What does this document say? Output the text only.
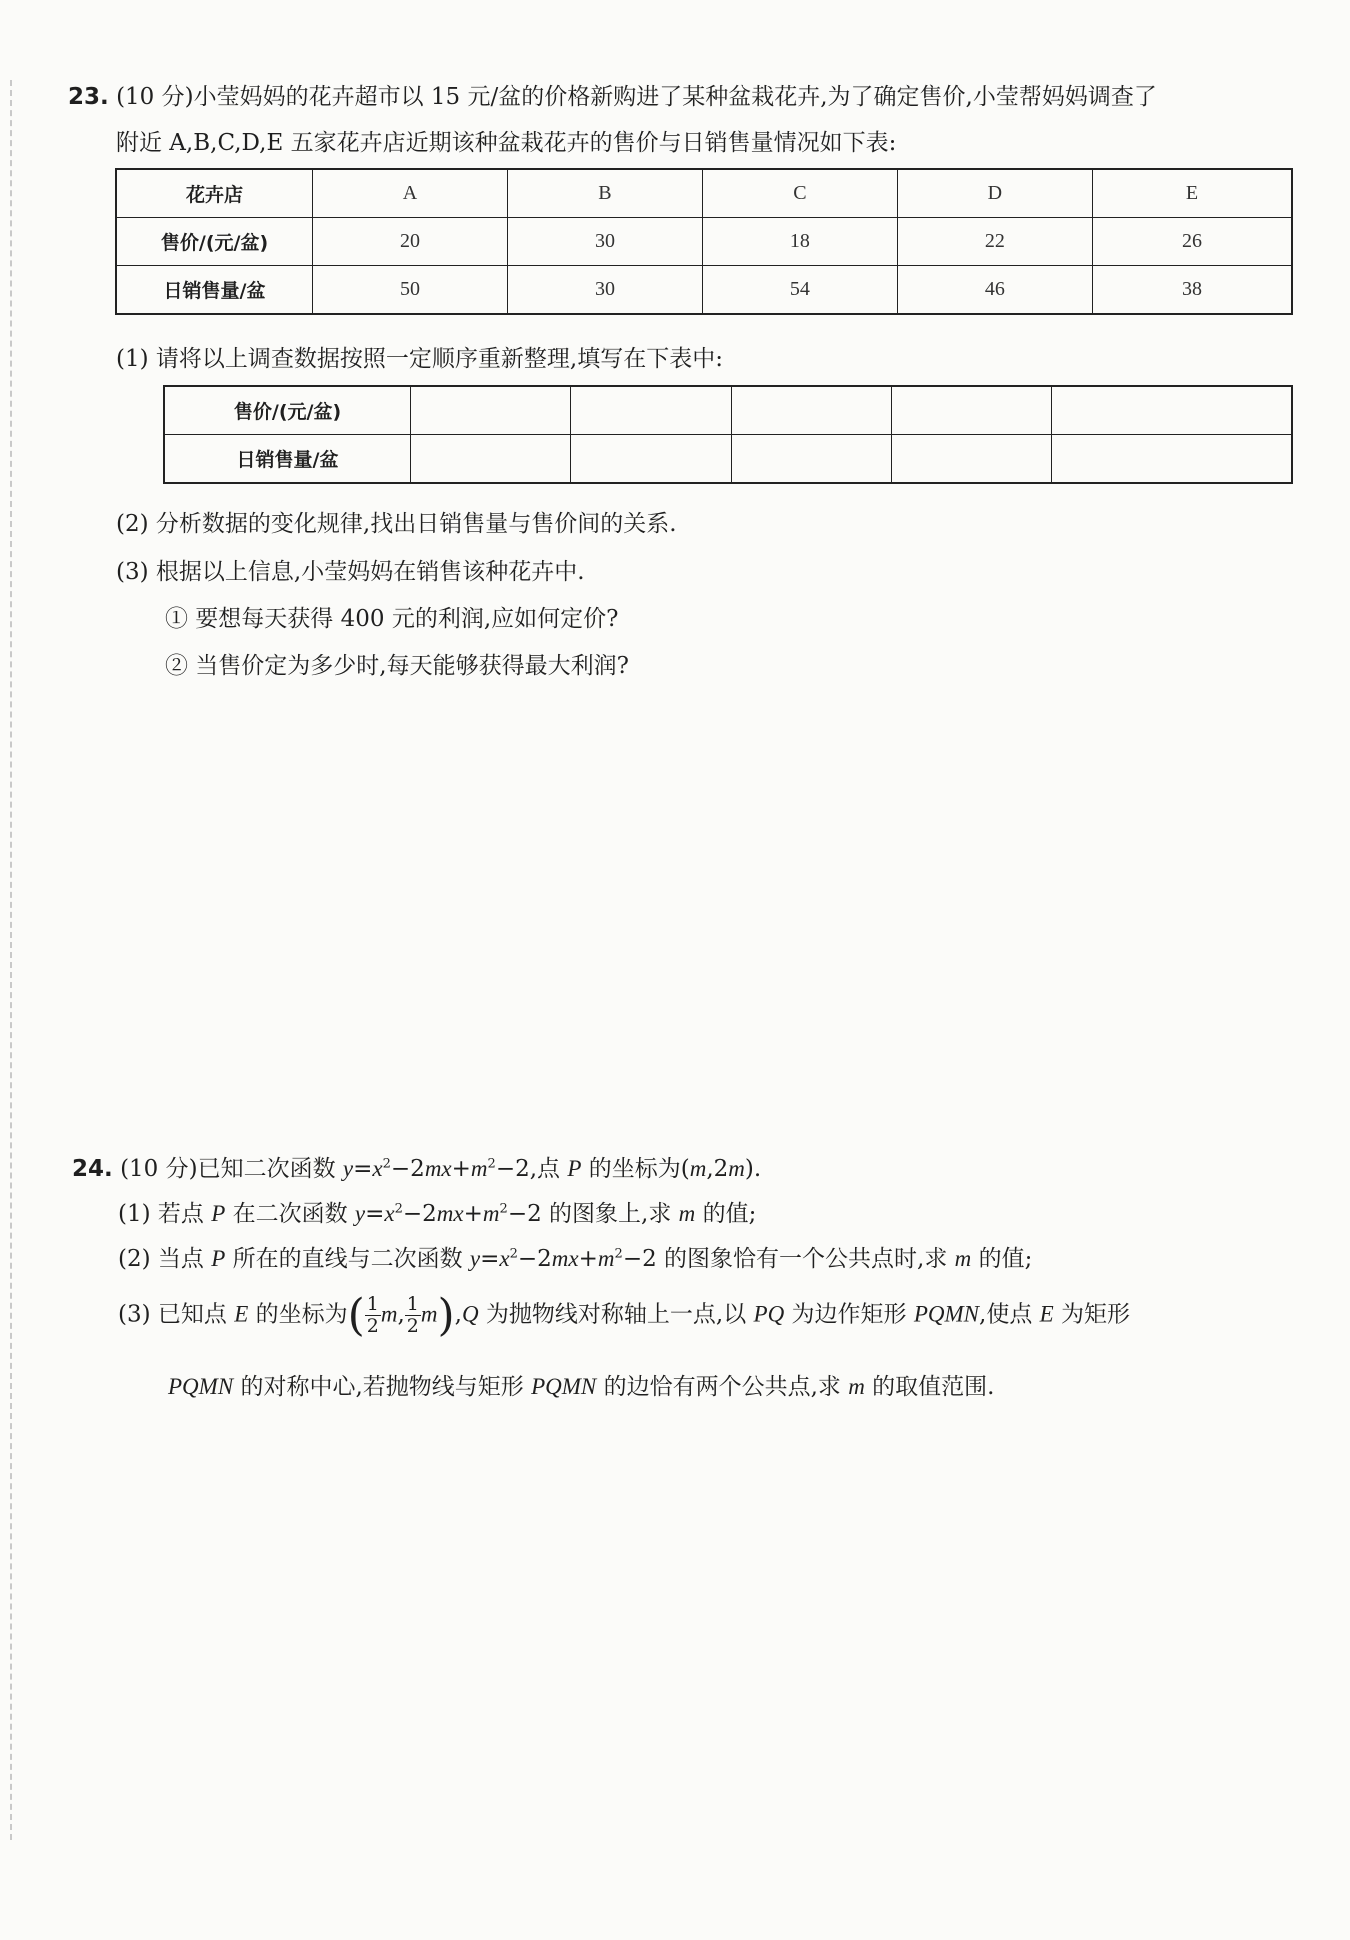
23. (10 分)小莹妈妈的花卉超市以 15 元/盆的价格新购进了某种盆栽花卉,为了确定售价,小莹帮妈妈调查了
附近 A,B,C,D,E 五家花卉店近期该种盆栽花卉的售价与日销售量情况如下表:
花卉店	A	B	C	D	E
售价/(元/盆)	20	30	18	22	26
日销售量/盆	50	30	54	46	38
(1) 请将以上调查数据按照一定顺序重新整理,填写在下表中:
售价/(元/盆)					
日销售量/盆					
(2) 分析数据的变化规律,找出日销售量与售价间的关系.
(3) 根据以上信息,小莹妈妈在销售该种花卉中.
① 要想每天获得 400 元的利润,应如何定价?
② 当售价定为多少时,每天能够获得最大利润?
24. (10 分)已知二次函数 $y=x^2-2mx+m^2-2$,点 P 的坐标为(m,2m).
(1) 若点 P 在二次函数 $y=x^2-2mx+m^2-2$ 的图象上,求 m 的值;
(2) 当点 P 所在的直线与二次函数 $y=x^2-2mx+m^2-2$ 的图象恰有一个公共点时,求 m 的值;
(3) 已知点 E 的坐标为( $\frac{1}{2} m$, $\frac{1}{2} m),Q$ 为抛物线对称轴上一点,以 PQ 为边作矩形 PQMN,使点 E 为矩形
PQMN 的对称中心,若抛物线与矩形 PQMN 的边恰有两个公共点,求 m 的取值范围.
